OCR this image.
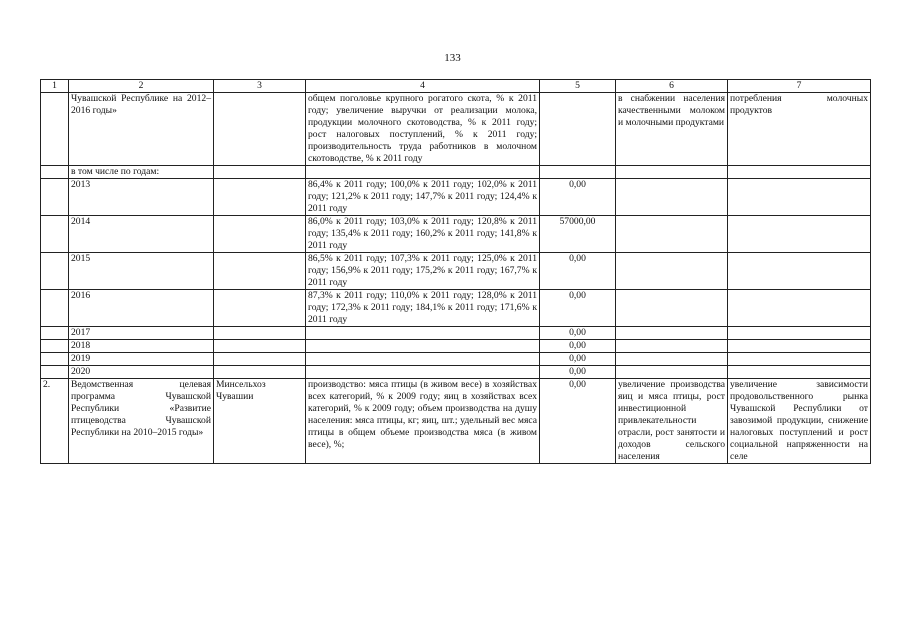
133
1	2	3	4	5	6	7
	Чувашской Республике на 2012–2016 годы»		общем поголовье крупного рогатого скота, % к 2011 году; увеличение выручки от реализации молока, продукции молочного скотоводства, % к 2011 году; рост налоговых поступлений, % к 2011 году; производительность труда работников в молочном скотоводстве, % к 2011 году		в снабжении населения качественными молоком и молочными продуктами	потребления молочных продуктов
	в том числе по годам:					
	2013		86,4% к 2011 году; 100,0% к 2011 году; 102,0% к 2011 году; 121,2% к 2011 году; 147,7% к 2011 году; 124,4% к 2011 году	0,00		
	2014		86,0% к 2011 году; 103,0% к 2011 году; 120,8% к 2011 году; 135,4% к 2011 году; 160,2% к 2011 году; 141,8% к 2011 году	57000,00		
	2015		86,5% к 2011 году; 107,3% к 2011 году; 125,0% к 2011 году; 156,9% к 2011 году; 175,2% к 2011 году; 167,7% к 2011 году	0,00		
	2016		87,3% к 2011 году; 110,0% к 2011 году; 128,0% к 2011 году; 172,3% к 2011 году; 184,1% к 2011 году; 171,6% к 2011 году	0,00		
	2017			0,00		
	2018			0,00		
	2019			0,00		
	2020			0,00		
2.	Ведомственная целевая программа Чувашской Республики «Развитие птицеводства Чувашской Республики на 2010–2015 годы»	Минсельхоз Чувашии	производство: мяса птицы (в живом весе) в хозяйствах всех категорий, % к 2009 году; яиц в хозяйствах всех категорий, % к 2009 году; объем производства на душу населения: мяса птицы, кг; яиц, шт.; удельный вес мяса птицы в общем объеме производства мяса (в живом весе), %;	0,00	увеличение производства яиц и мяса птицы, рост инвестиционной привлекательности отрасли, рост занятости и доходов сельского населения	увеличение зависимости продовольственного рынка Чувашской Республики от завозимой продукции, снижение налоговых поступлений и рост социальной напряженности на селе
